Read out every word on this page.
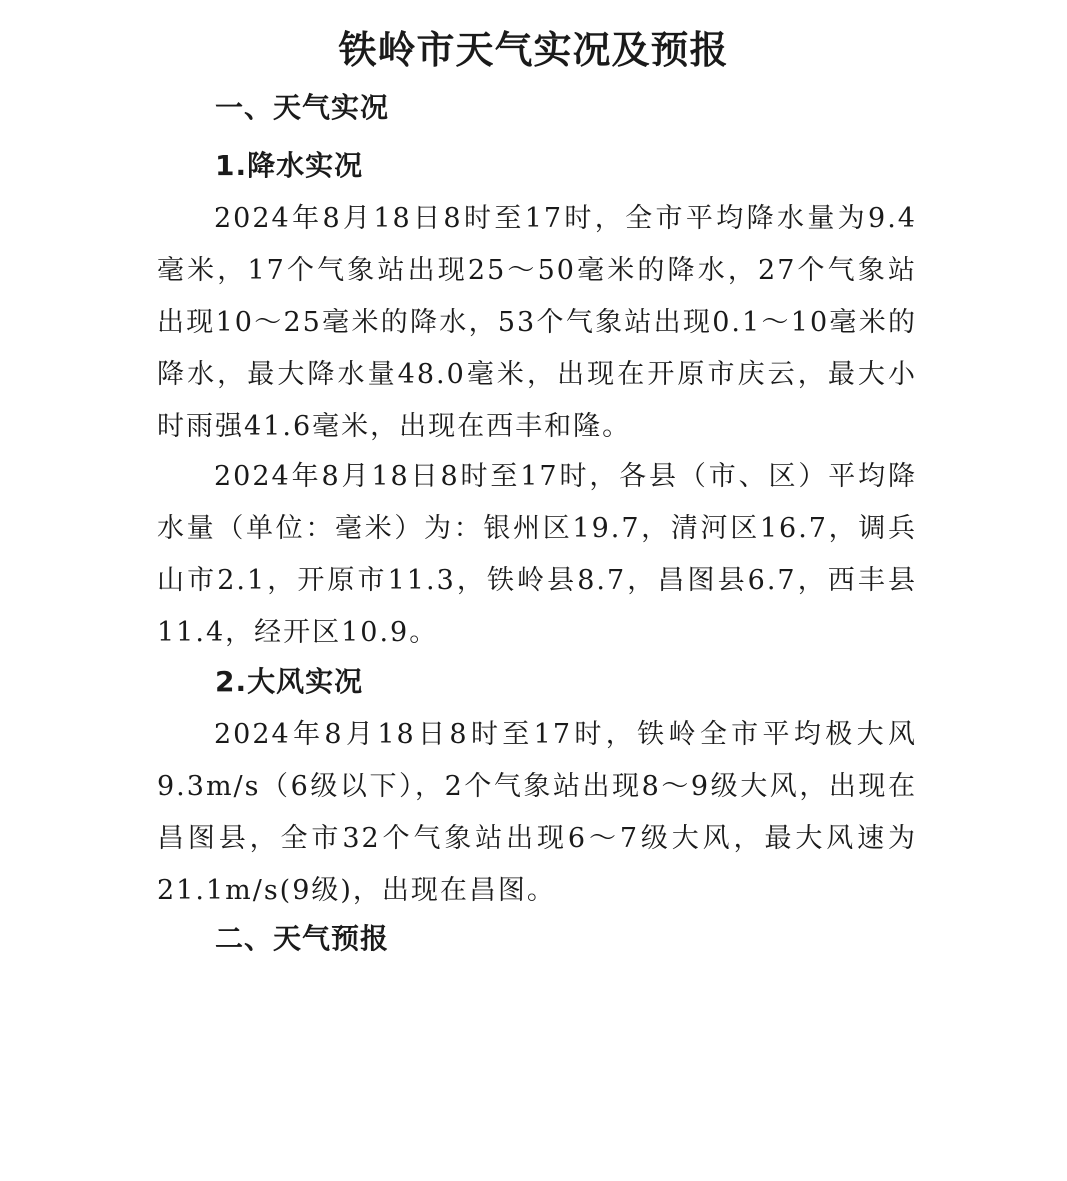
铁岭市天气实况及预报
一、天气实况
1.降水实况

2024年8月18日8时至17时，全市平均降水量为9.4毫米，17个气象站出现25～50毫米的降水，27个气象站出现10～25毫米的降水，53个气象站出现0.1～10毫米的降水，最大降水量48.0毫米，出现在开原市庆云，最大小时雨强41.6毫米，出现在西丰和隆。

2024年8月18日8时至17时，各县（市、区）平均降水量（单位：毫米）为：银州区19.7，清河区16.7，调兵山市2.1，开原市11.3，铁岭县8.7，昌图县6.7，西丰县11.4，经开区10.9。

2.大风实况

2024年8月18日8时至17时，铁岭全市平均极大风9.3m/s（6级以下），2个气象站出现8～9级大风，出现在昌图县，全市32个气象站出现6～7级大风，最大风速为21.1m/s(9级)，出现在昌图。

二、天气预报
